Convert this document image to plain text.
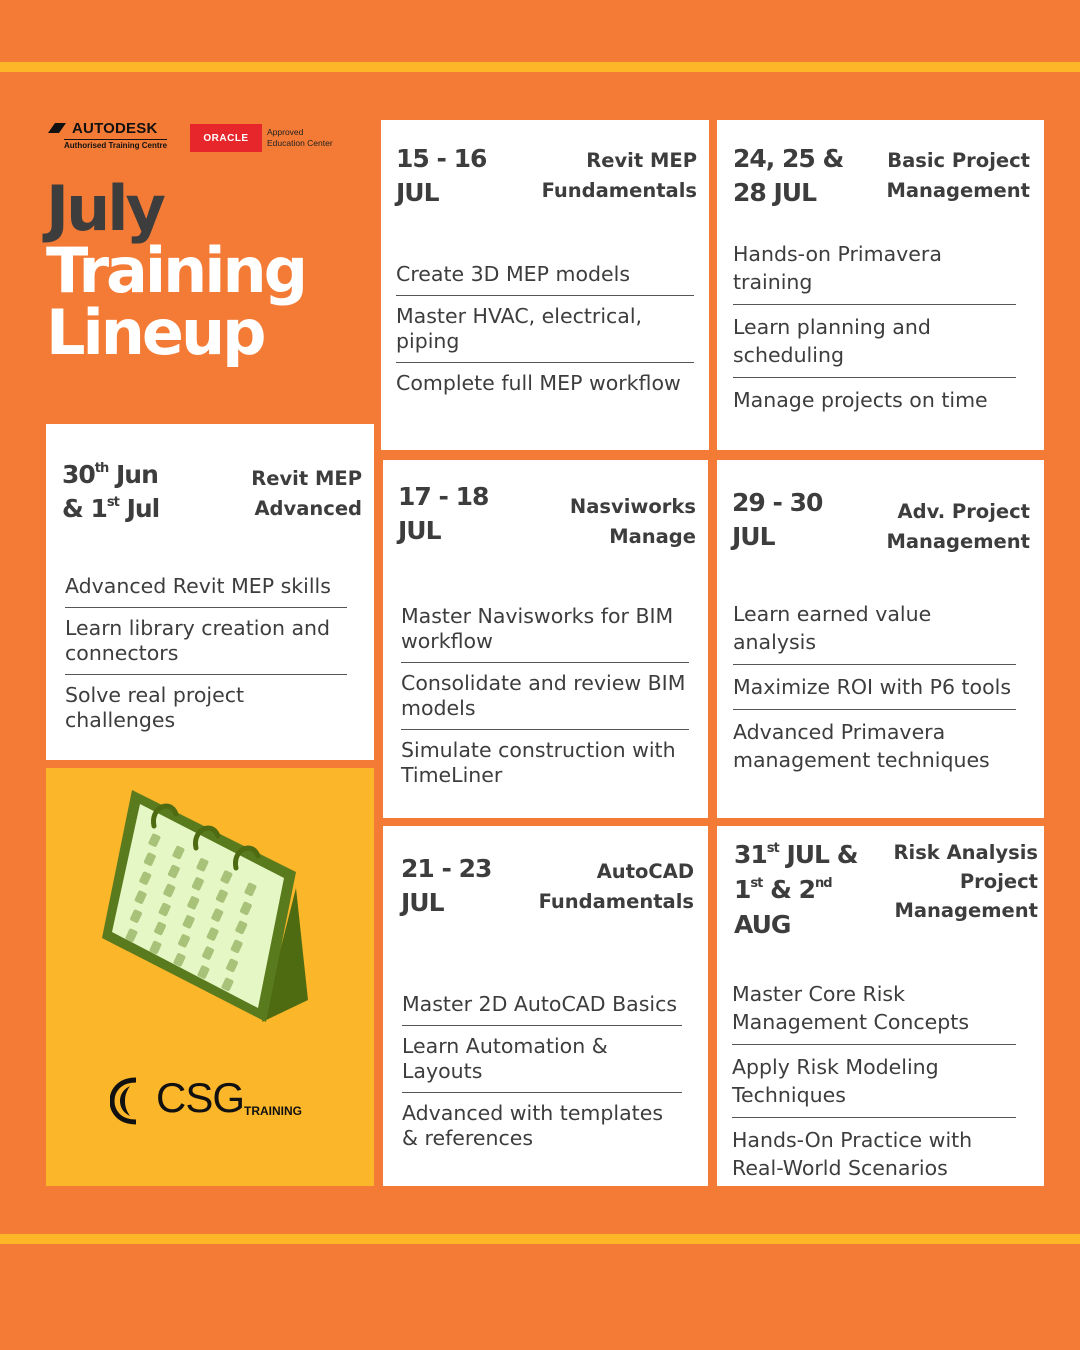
AUTODESK
Authorised Training Centre
ORACLE
Approved
Education Center
July
Training
Lineup
30th Jun
& 1st Jul
Revit MEP
Advanced
Advanced Revit MEP skills
Learn library creation and connectors
Solve real project challenges
15 - 16
JUL
Revit MEP
Fundamentals
Create 3D MEP models
Master HVAC, electrical, piping
Complete full MEP workflow
24, 25 &
28 JUL
Basic Project
Management
Hands-on Primavera training
Learn planning and scheduling
Manage projects on time
17 - 18
JUL
Nasviworks
Manage
Master Navisworks for BIM workflow
Consolidate and review BIM models
Simulate construction with TimeLiner
29 - 30
JUL
Adv. Project
Management
Learn earned value analysis
Maximize ROI with P6 tools
Advanced Primavera management techniques
21 - 23
JUL
AutoCAD
Fundamentals
Master 2D AutoCAD Basics
Learn Automation & Layouts
Advanced with templates & references
31st JUL &
1st & 2nd
AUG
Risk Analysis
Project
Management
Master Core Risk Management Concepts
Apply Risk Modeling Techniques
Hands-On Practice with Real-World Scenarios
CSG TRAINING
